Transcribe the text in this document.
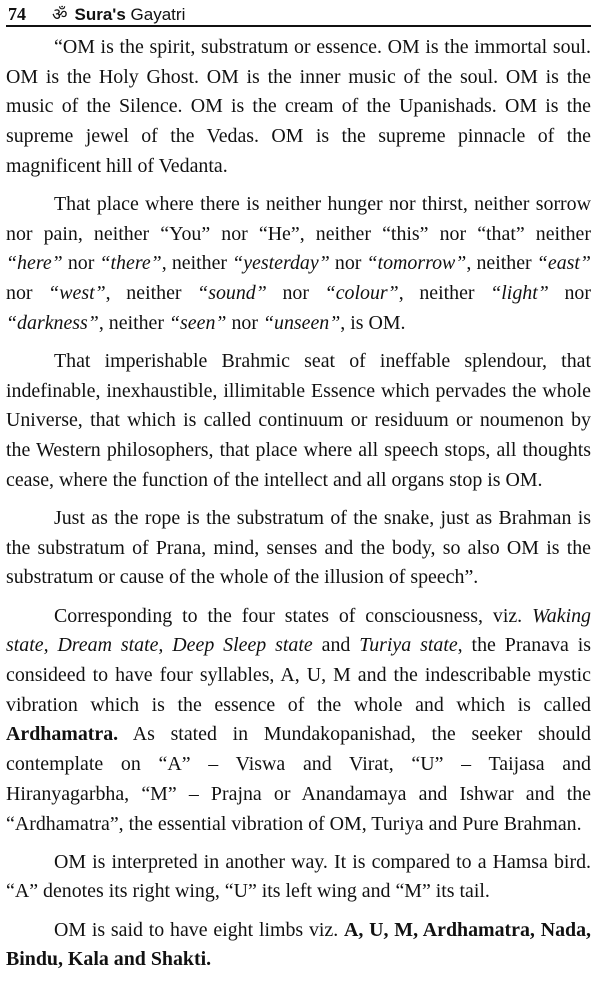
74	ॐ Sura's Gayatri

“OM is the spirit, substratum or essence. OM is the immortal soul. OM is the Holy Ghost. OM is the inner music of the soul. OM is the music of the Silence. OM is the cream of the Upanishads. OM is the supreme jewel of the Vedas. OM is the supreme pinnacle of the magnificent hill of Vedanta.

That place where there is neither hunger nor thirst, neither sorrow nor pain, neither “You” nor “He”, neither “this” nor “that” neither “here” nor “there”, neither “yesterday” nor “tomorrow”, neither “east” nor “west”, neither “sound” nor “colour”, neither “light” nor “darkness”, neither “seen” nor “unseen”, is OM.

That imperishable Brahmic seat of ineffable splendour, that indefinable, inexhaustible, illimitable Essence which pervades the whole Universe, that which is called continuum or residuum or noumenon by the Western philosophers, that place where all speech stops, all thoughts cease, where the function of the intellect and all organs stop is OM.

Just as the rope is the substratum of the snake, just as Brahman is the substratum of Prana, mind, senses and the body, so also OM is the substratum or cause of the whole of the illusion of speech”.

Corresponding to the four states of consciousness, viz. Waking state, Dream state, Deep Sleep state and Turiya state, the Pranava is consideed to have four syllables, A, U, M and the indescribable mystic vibration which is the essence of the whole and which is called Ardhamatra. As stated in Mundakopanishad, the seeker should contemplate on “A” – Viswa and Virat, “U” – Taijasa and Hiranyagarbha, “M” – Prajna or Anandamaya and Ishwar and the “Ardhamatra”, the essential vibration of OM, Turiya and Pure Brahman.

OM is interpreted in another way. It is compared to a Hamsa bird. “A” denotes its right wing, “U” its left wing and “M” its tail.

OM is said to have eight limbs viz. A, U, M, Ardhamatra, Nada, Bindu, Kala and Shakti.
